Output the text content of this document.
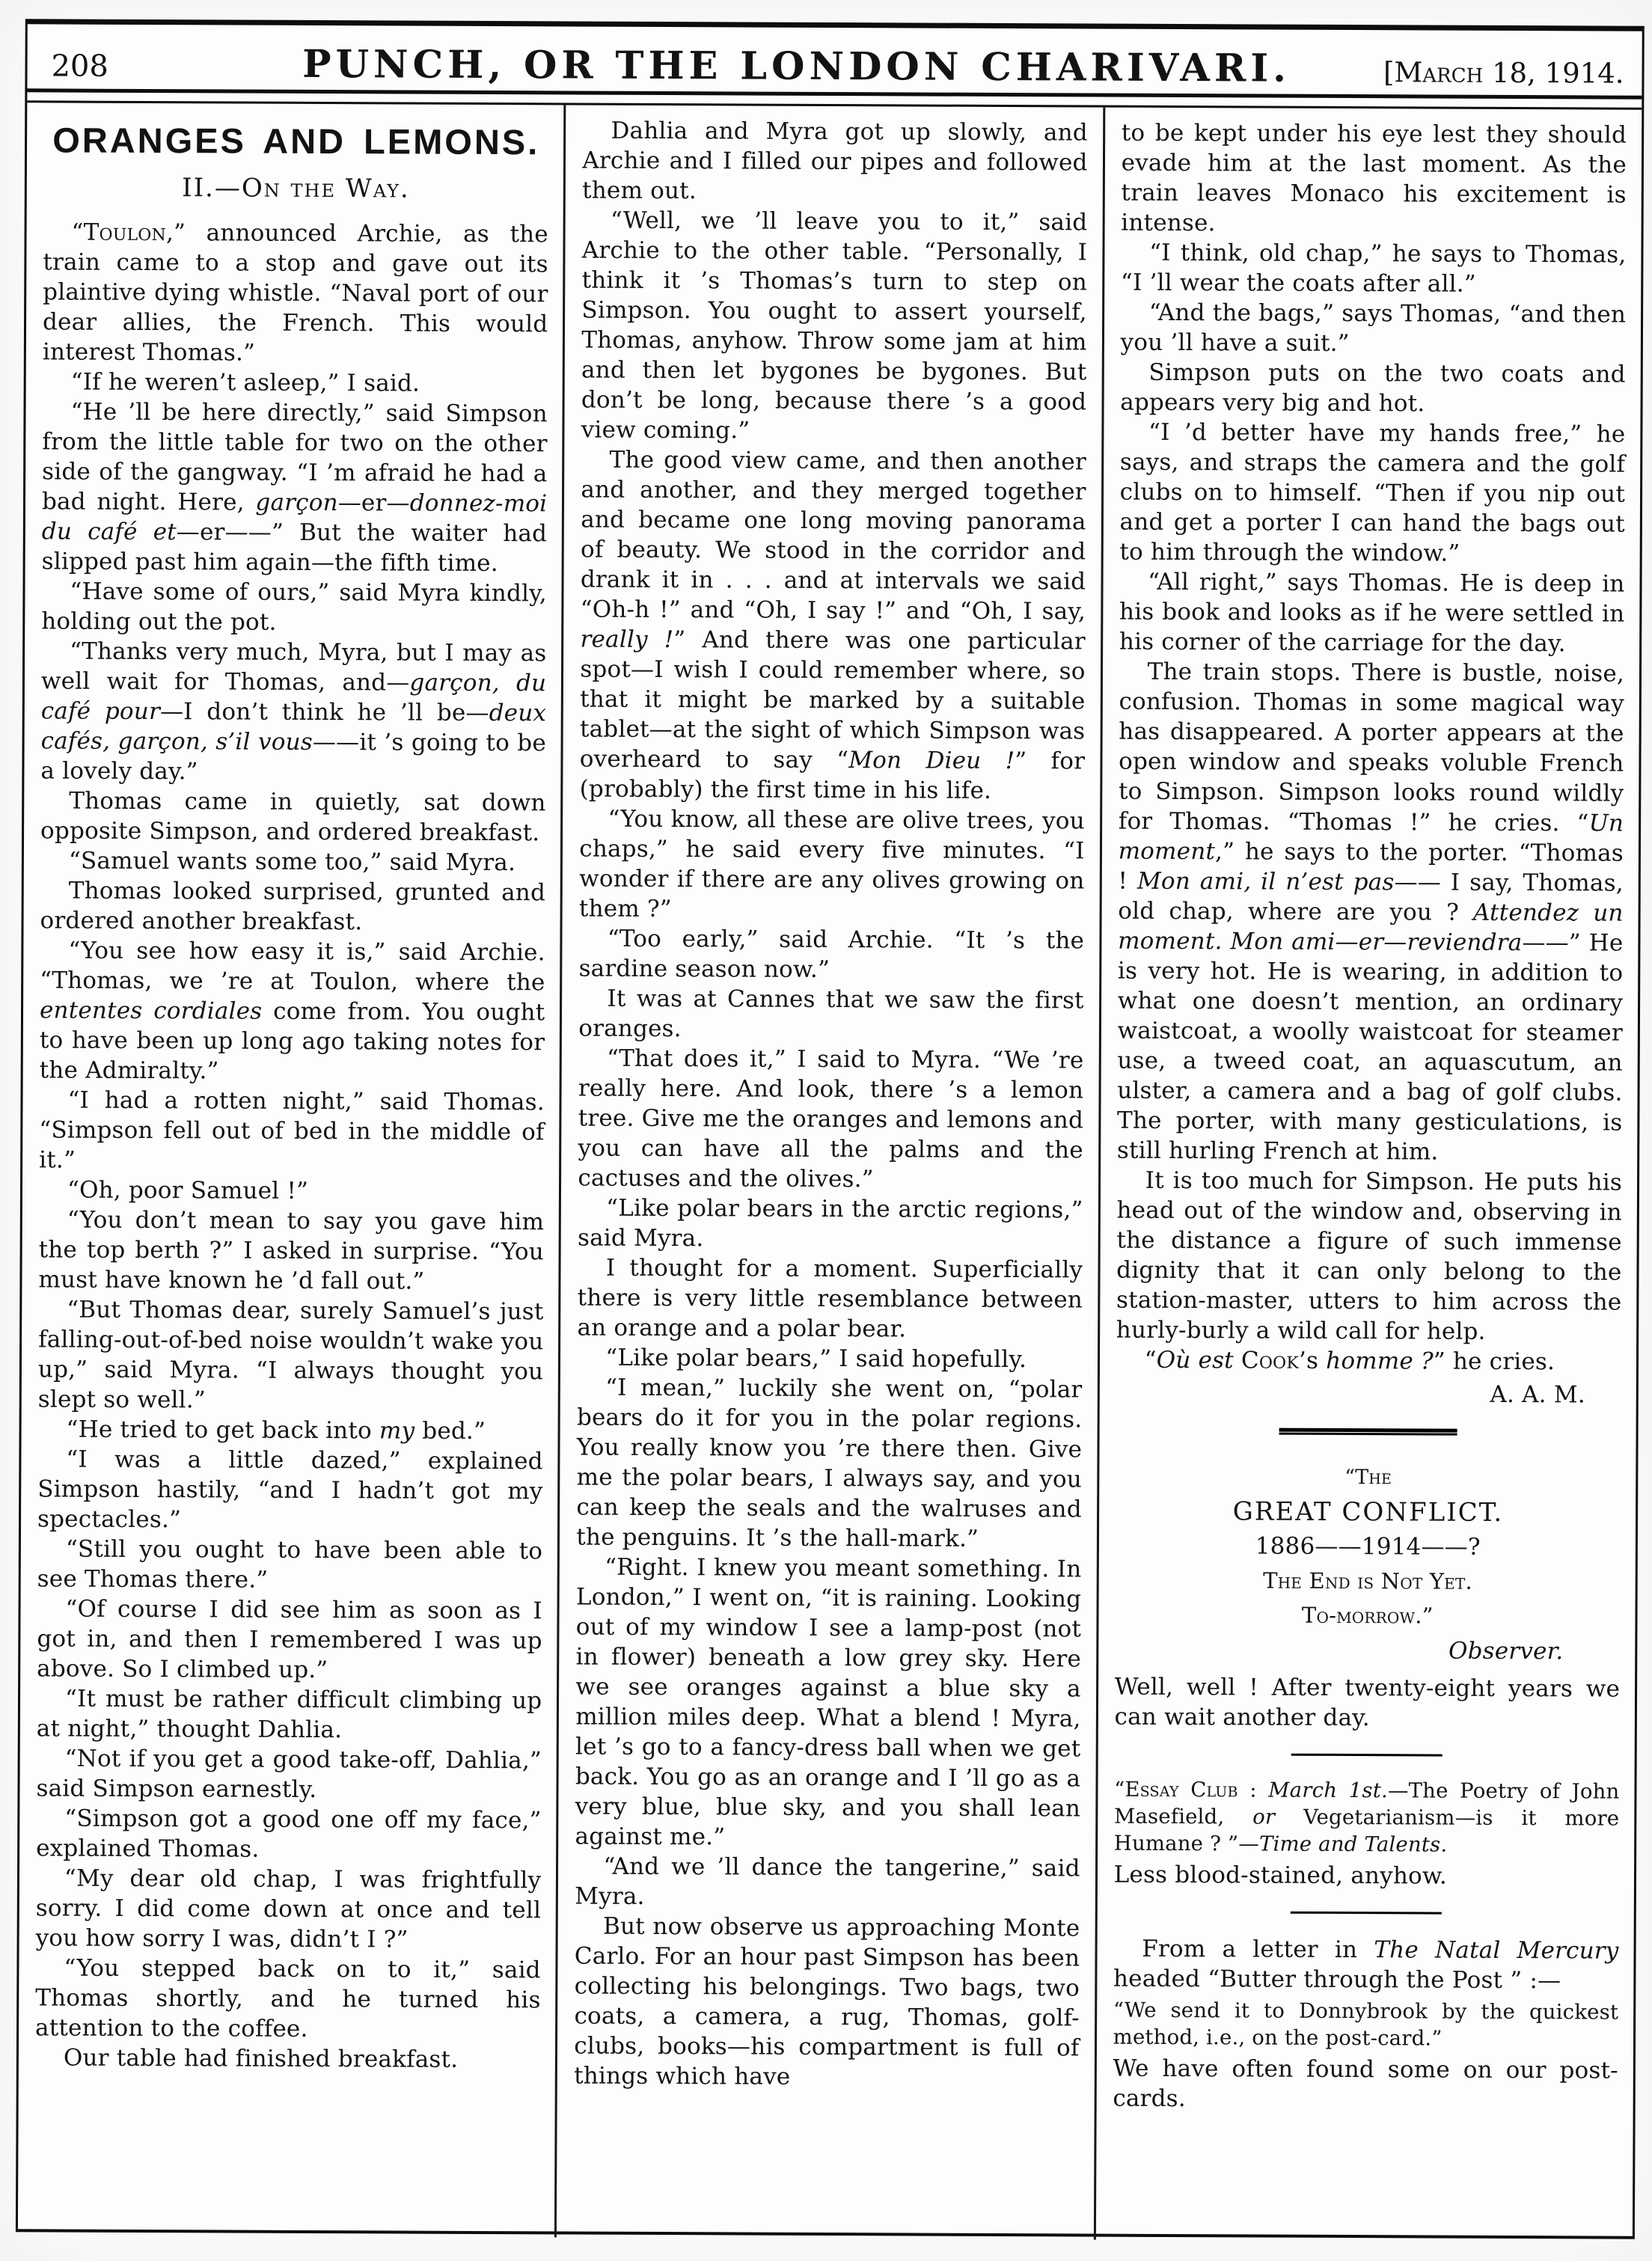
208	PUNCH, OR THE LONDON CHARIVARI.	[March 18, 1914.
ORANGES AND LEMONS.
II.—On the Way.

“Toulon,” announced Archie, as the train came to a stop and gave out its plaintive dying whistle. “Naval port of our dear allies, the French. This would interest Thomas.”

“If he weren’t asleep,” I said.

“He ’ll be here directly,” said Simpson from the little table for two on the other side of the gangway. “I ’m afraid he had a bad night. Here, garçon—er—donnez-moi du café et—er——” But the waiter had slipped past him again—the fifth time.

“Have some of ours,” said Myra kindly, holding out the pot.

“Thanks very much, Myra, but I may as well wait for Thomas, and—garçon, du café pour—I don’t think he ’ll be—deux cafés, garçon, s’il vous——it ’s going to be a lovely day.”

Thomas came in quietly, sat down opposite Simpson, and ordered breakfast.

“Samuel wants some too,” said Myra.

Thomas looked surprised, grunted and ordered another breakfast.

“You see how easy it is,” said Archie. “Thomas, we ’re at Toulon, where the ententes cordiales come from. You ought to have been up long ago taking notes for the Admiralty.”

“I had a rotten night,” said Thomas. “Simpson fell out of bed in the middle of it.”

“Oh, poor Samuel !”

“You don’t mean to say you gave him the top berth ?” I asked in surprise. “You must have known he ’d fall out.”

“But Thomas dear, surely Samuel’s just falling-out-of-bed noise wouldn’t wake you up,” said Myra. “I always thought you slept so well.”

“He tried to get back into my bed.”

“I was a little dazed,” explained Simpson hastily, “and I hadn’t got my spectacles.”

“Still you ought to have been able to see Thomas there.”

“Of course I did see him as soon as I got in, and then I remembered I was up above. So I climbed up.”

“It must be rather difficult climbing up at night,” thought Dahlia.

“Not if you get a good take-off, Dahlia,” said Simpson earnestly.

“Simpson got a good one off my face,” explained Thomas.

“My dear old chap, I was frightfully sorry. I did come down at once and tell you how sorry I was, didn’t I ?”

“You stepped back on to it,” said Thomas shortly, and he turned his attention to the coffee.

Our table had finished breakfast.

Dahlia and Myra got up slowly, and Archie and I filled our pipes and followed them out.

“Well, we ’ll leave you to it,” said Archie to the other table. “Personally, I think it ’s Thomas’s turn to step on Simpson. You ought to assert yourself, Thomas, anyhow. Throw some jam at him and then let bygones be bygones. But don’t be long, because there ’s a good view coming.”

The good view came, and then another and another, and they merged together and became one long moving panorama of beauty. We stood in the corridor and drank it in . . . and at intervals we said “Oh-h !” and “Oh, I say !” and “Oh, I say, really !” And there was one particular spot—I wish I could remember where, so that it might be marked by a suitable tablet—at the sight of which Simpson was overheard to say “Mon Dieu !” for (probably) the first time in his life.

“You know, all these are olive trees, you chaps,” he said every five minutes. “I wonder if there are any olives growing on them ?”

“Too early,” said Archie. “It ’s the sardine season now.”

It was at Cannes that we saw the first oranges.

“That does it,” I said to Myra. “We ’re really here. And look, there ’s a lemon tree. Give me the oranges and lemons and you can have all the palms and the cactuses and the olives.”

“Like polar bears in the arctic regions,” said Myra.

I thought for a moment. Superficially there is very little resemblance between an orange and a polar bear.

“Like polar bears,” I said hopefully.

“I mean,” luckily she went on, “polar bears do it for you in the polar regions. You really know you ’re there then. Give me the polar bears, I always say, and you can keep the seals and the walruses and the penguins. It ’s the hall-mark.”

“Right. I knew you meant something. In London,” I went on, “it is raining. Looking out of my window I see a lamp-post (not in flower) beneath a low grey sky. Here we see oranges against a blue sky a million miles deep. What a blend ! Myra, let ’s go to a fancy-dress ball when we get back. You go as an orange and I ’ll go as a very blue, blue sky, and you shall lean against me.”

“And we ’ll dance the tangerine,” said Myra.

But now observe us approaching Monte Carlo. For an hour past Simpson has been collecting his belongings. Two bags, two coats, a camera, a rug, Thomas, golf-clubs, books—his compartment is full of things which have

to be kept under his eye lest they should evade him at the last moment. As the train leaves Monaco his excitement is intense.

“I think, old chap,” he says to Thomas, “I ’ll wear the coats after all.”

“And the bags,” says Thomas, “and then you ’ll have a suit.”

Simpson puts on the two coats and appears very big and hot.

“I ’d better have my hands free,” he says, and straps the camera and the golf clubs on to himself. “Then if you nip out and get a porter I can hand the bags out to him through the window.”

“All right,” says Thomas. He is deep in his book and looks as if he were settled in his corner of the carriage for the day.

The train stops. There is bustle, noise, confusion. Thomas in some magical way has disappeared. A porter appears at the open window and speaks voluble French to Simpson. Simpson looks round wildly for Thomas. “Thomas !” he cries. “Un moment,” he says to the porter. “Thomas ! Mon ami, il n’est pas—— I say, Thomas, old chap, where are you ? Attendez un moment. Mon ami—er—reviendra——” He is very hot. He is wearing, in addition to what one doesn’t mention, an ordinary waistcoat, a woolly waistcoat for steamer use, a tweed coat, an aquascutum, an ulster, a camera and a bag of golf clubs. The porter, with many gesticulations, is still hurling French at him.

It is too much for Simpson. He puts his head out of the window and, observing in the distance a figure of such immense dignity that it can only belong to the station-master, utters to him across the hurly-burly a wild call for help.

“Où est Cook’s homme ?” he cries.

A. A. M.

“The
GREAT CONFLICT.
1886——1914——?
The End is Not Yet.
To-morrow.”

Observer.

Well, well ! After twenty-eight years we can wait another day.

“Essay Club : March 1st.—The Poetry of John Masefield, or Vegetarianism—is it more Humane ? ”—Time and Talents.

Less blood-stained, anyhow.

From a letter in The Natal Mercury headed “Butter through the Post ” :—

“We send it to Donnybrook by the quickest method, i.e., on the post-card.”

We have often found some on our post-cards.
